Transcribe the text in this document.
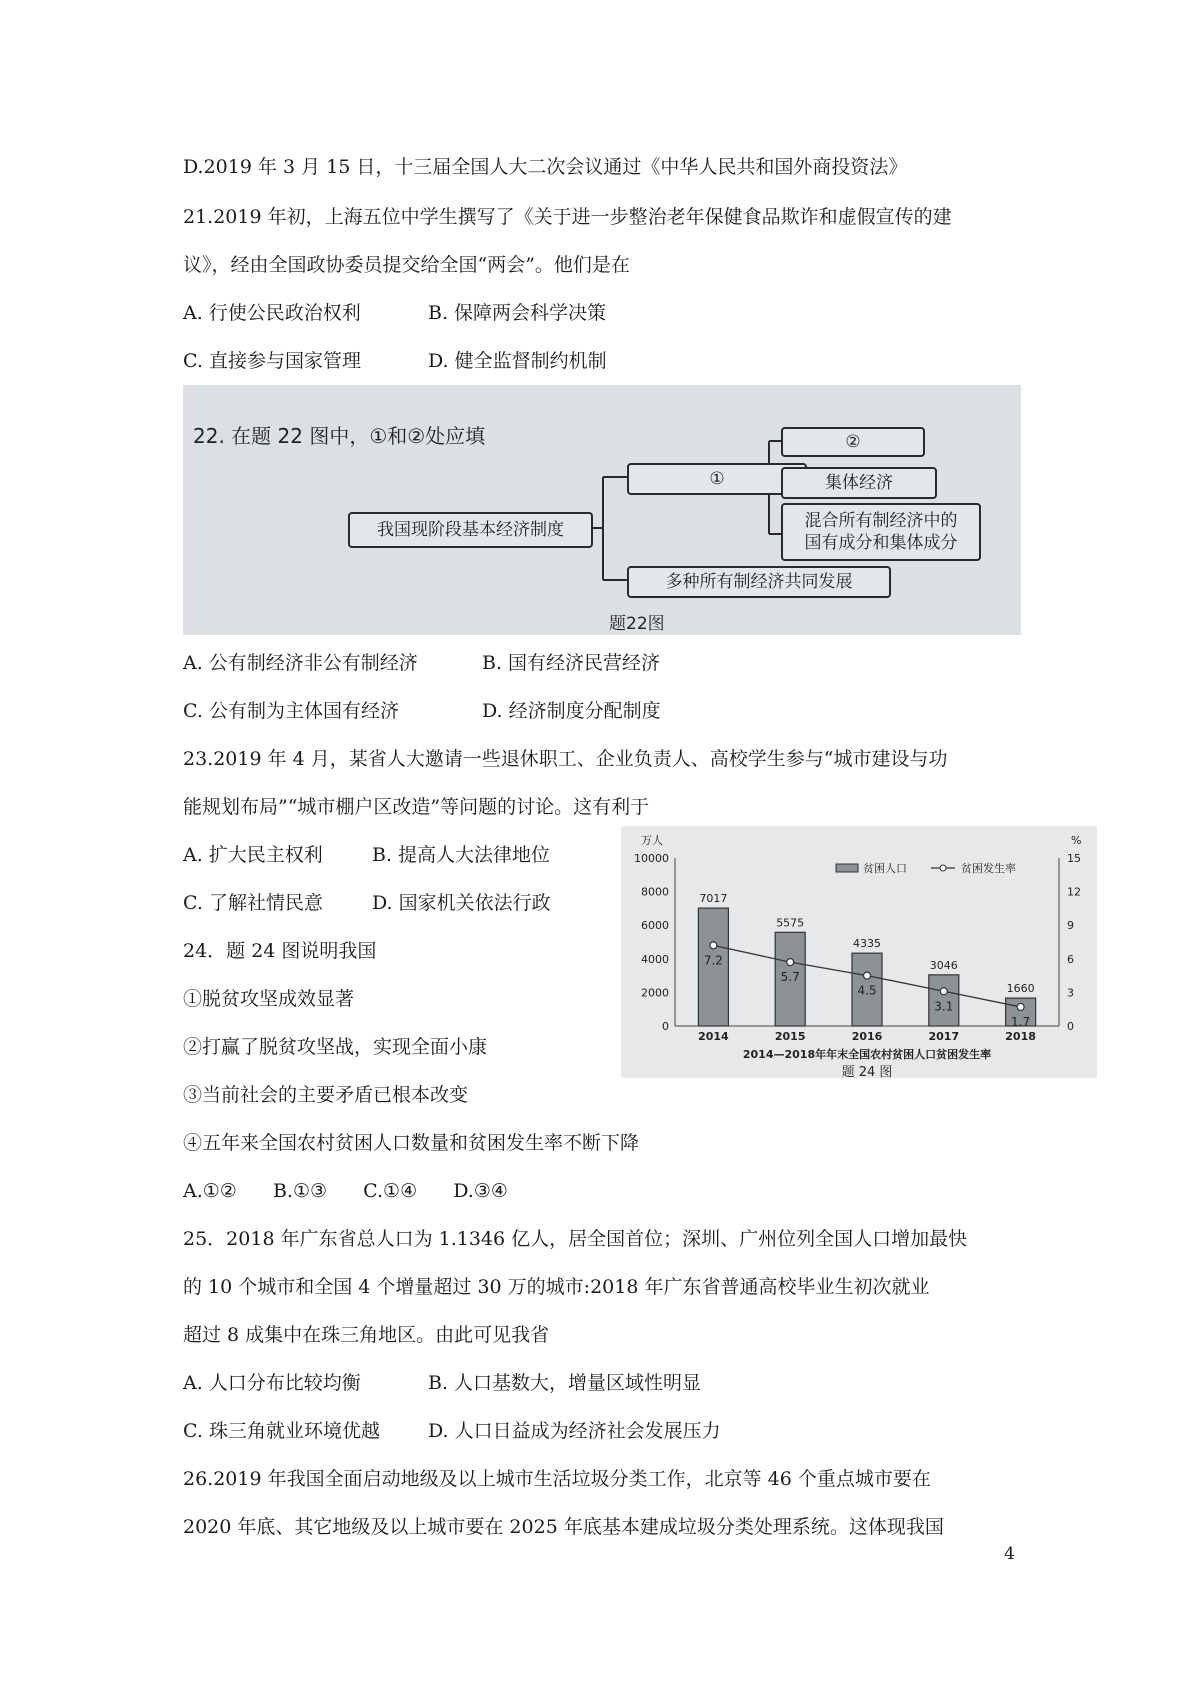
D.2019 年 3 月 15 日，十三届全国人大二次会议通过《中华人民共和国外商投资法》
21.2019 年初，上海五位中学生撰写了《关于进一步整治老年保健食品欺诈和虚假宣传的建
议》，经由全国政协委员提交给全国“两会”。他们是在
A. 行使公民政治权利	B. 保障两会科学决策
C. 直接参与国家管理	D. 健全监督制约机制
22. 在题 22 图中，①和②处应填
我国现阶段基本经济制度
①
②
集体经济
混合所有制经济中的国有成分和集体成分
多种所有制经济共同发展
题22图
A. 公有制经济非公有制经济	B. 国有经济民营经济
C. 公有制为主体国有经济	D. 经济制度分配制度
23.2019 年 4 月，某省人大邀请一些退休职工、企业负责人、高校学生参与“城市建设与功
能规划布局”“城市棚户区改造”等问题的讨论。这有利于
A. 扩大民主权利	B. 提高人大法律地位
C. 了解社情民意	D. 国家机关依法行政
24．题 24 图说明我国
①脱贫攻坚成效显著
②打赢了脱贫攻坚战，实现全面小康
③当前社会的主要矛盾已根本改变
④五年来全国农村贫困人口数量和贫困发生率不断下降
A.①②   B.①③   C.①④   D.③④
0
2000
4000
6000
8000
10000
0
3
6
9
12
15
万人	%
7017
2014
5575
2015
4335
2016
3046
2017
1660
2018
7.2
5.7
4.5
3.1
1.7
贫困人口	贫困发生率
2014—2018年年末全国农村贫困人口贫困发生率
题 24 图
25．2018 年广东省总人口为 1.1346 亿人，居全国首位；深圳、广州位列全国人口增加最快
的 10 个城市和全国 4 个增量超过 30 万的城市:2018 年广东省普通高校毕业生初次就业
超过 8 成集中在珠三角地区。由此可见我省
A. 人口分布比较均衡	B. 人口基数大，增量区域性明显
C. 珠三角就业环境优越	D. 人口日益成为经济社会发展压力
26.2019 年我国全面启动地级及以上城市生活垃圾分类工作，北京等 46 个重点城市要在
2020 年底、其它地级及以上城市要在 2025 年底基本建成垃圾分类处理系统。这体现我国
4
